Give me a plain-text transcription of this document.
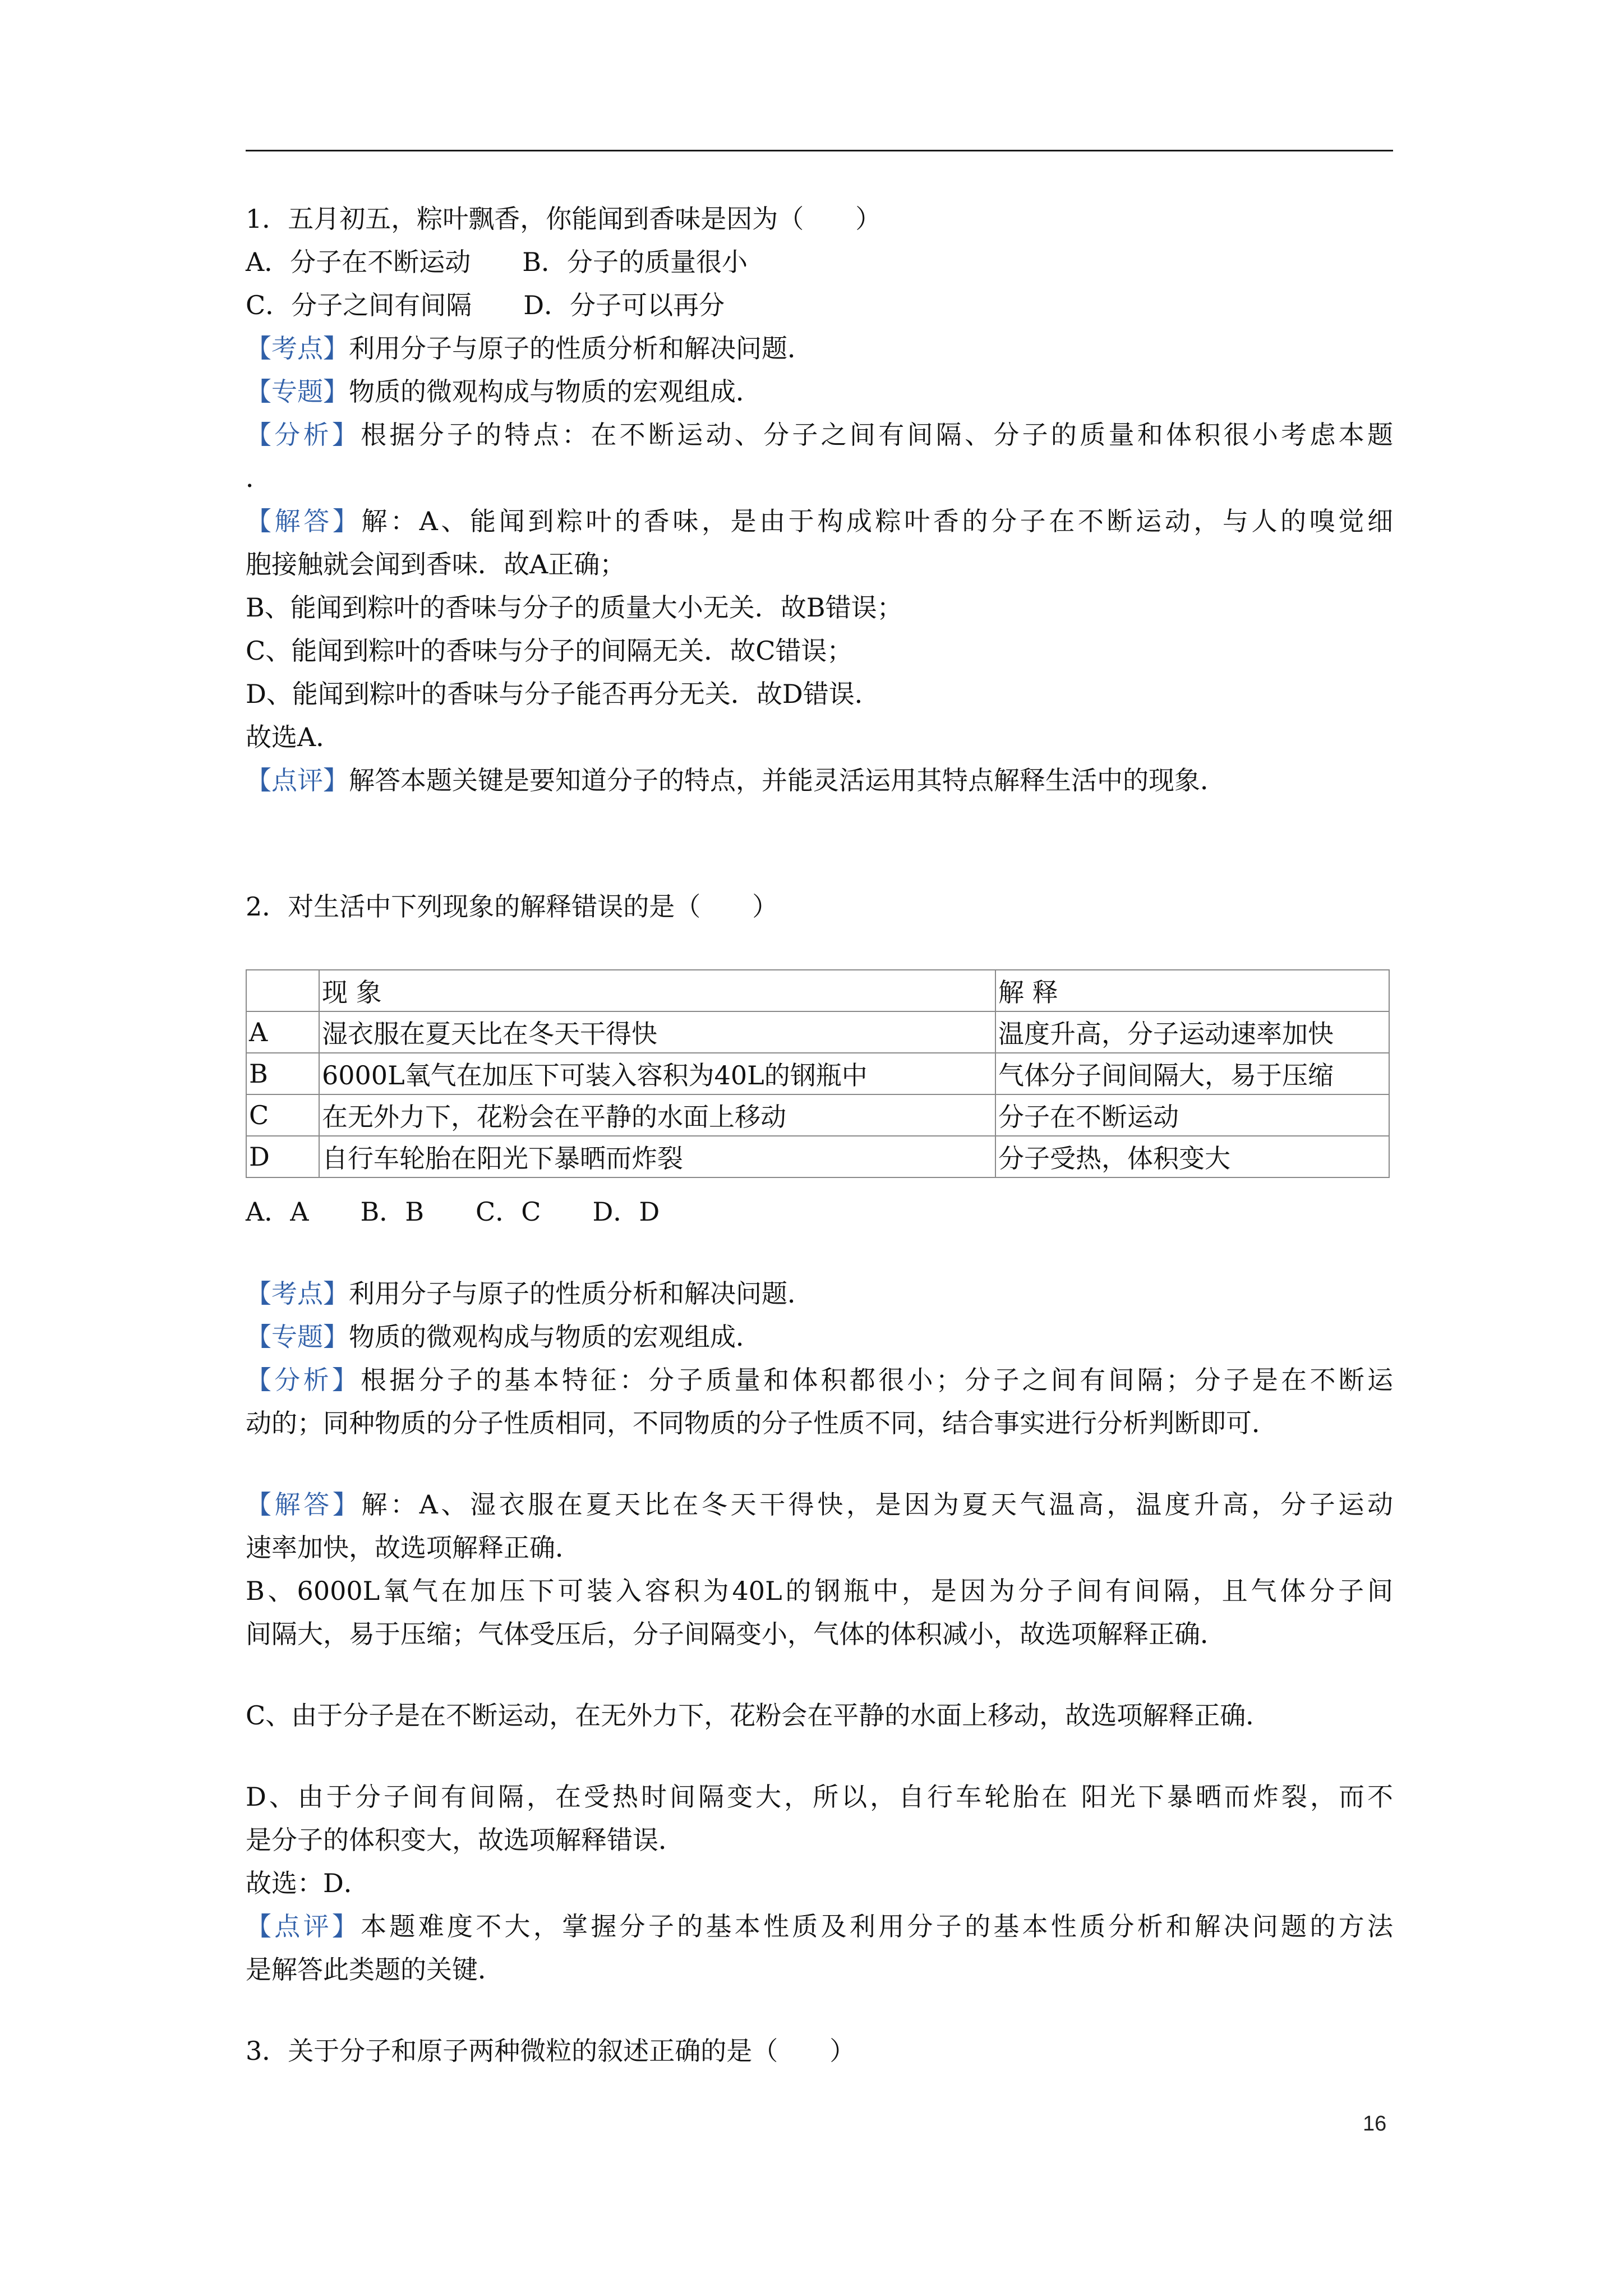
1．五月初五，粽叶飘香，你能闻到香味是因为（　　）
A．分子在不断运动　　B．分子的质量很小
C．分子之间有间隔　　D．分子可以再分
【考点】利用分子与原子的性质分析和解决问题．
【专题】物质的微观构成与物质的宏观组成．
【分析】根据分子的特点：在不断运动、分子之间有间隔、分子的质量和体积很小考虑本题
．
【解答】解：A、能闻到粽叶的香味，是由于构成粽叶香的分子在不断运动，与人的嗅觉细
胞接触就会闻到香味．故A正确；
B、能闻到粽叶的香味与分子的质量大小无关．故B错误；
C、能闻到粽叶的香味与分子的间隔无关．故C错误；
D、能闻到粽叶的香味与分子能否再分无关．故D错误．
故选A．
【点评】解答本题关键是要知道分子的特点，并能灵活运用其特点解释生活中的现象．
2．对生活中下列现象的解释错误的是（　　）
	现 象	解 释
A	湿衣服在夏天比在冬天干得快	温度升高，分子运动速率加快
B	6000L氧气在加压下可装入容积为40L的钢瓶中	气体分子间间隔大，易于压缩
C	在无外力下，花粉会在平静的水面上移动	分子在不断运动
D	自行车轮胎在阳光下暴晒而炸裂	分子受热，体积变大
A．A　　B．B　　C．C　　D．D
【考点】利用分子与原子的性质分析和解决问题．
【专题】物质的微观构成与物质的宏观组成．
【分析】根据分子的基本特征：分子质量和体积都很小；分子之间有间隔；分子是在不断运
动的；同种物质的分子性质相同，不同物质的分子性质不同，结合事实进行分析判断即可．
【解答】解：A、湿衣服在夏天比在冬天干得快，是因为夏天气温高，温度升高，分子运动
速率加快，故选项解释正确．
B、6000L氧气在加压下可装入容积为40L的钢瓶中，是因为分子间有间隔，且气体分子间
间隔大，易于压缩；气体受压后，分子间隔变小，气体的体积减小，故选项解释正确．
C、由于分子是在不断运动，在无外力下，花粉会在平静的水面上移动，故选项解释正确．
D、由于分子间有间隔，在受热时间隔变大，所以，自行车轮胎在 阳光下暴晒而炸裂，而不
是分子的体积变大，故选项解释错误．
故选：D．
【点评】本题难度不大，掌握分子的基本性质及利用分子的基本性质分析和解决问题的方法
是解答此类题的关键．
3．关于分子和原子两种微粒的叙述正确的是（　　）
16
